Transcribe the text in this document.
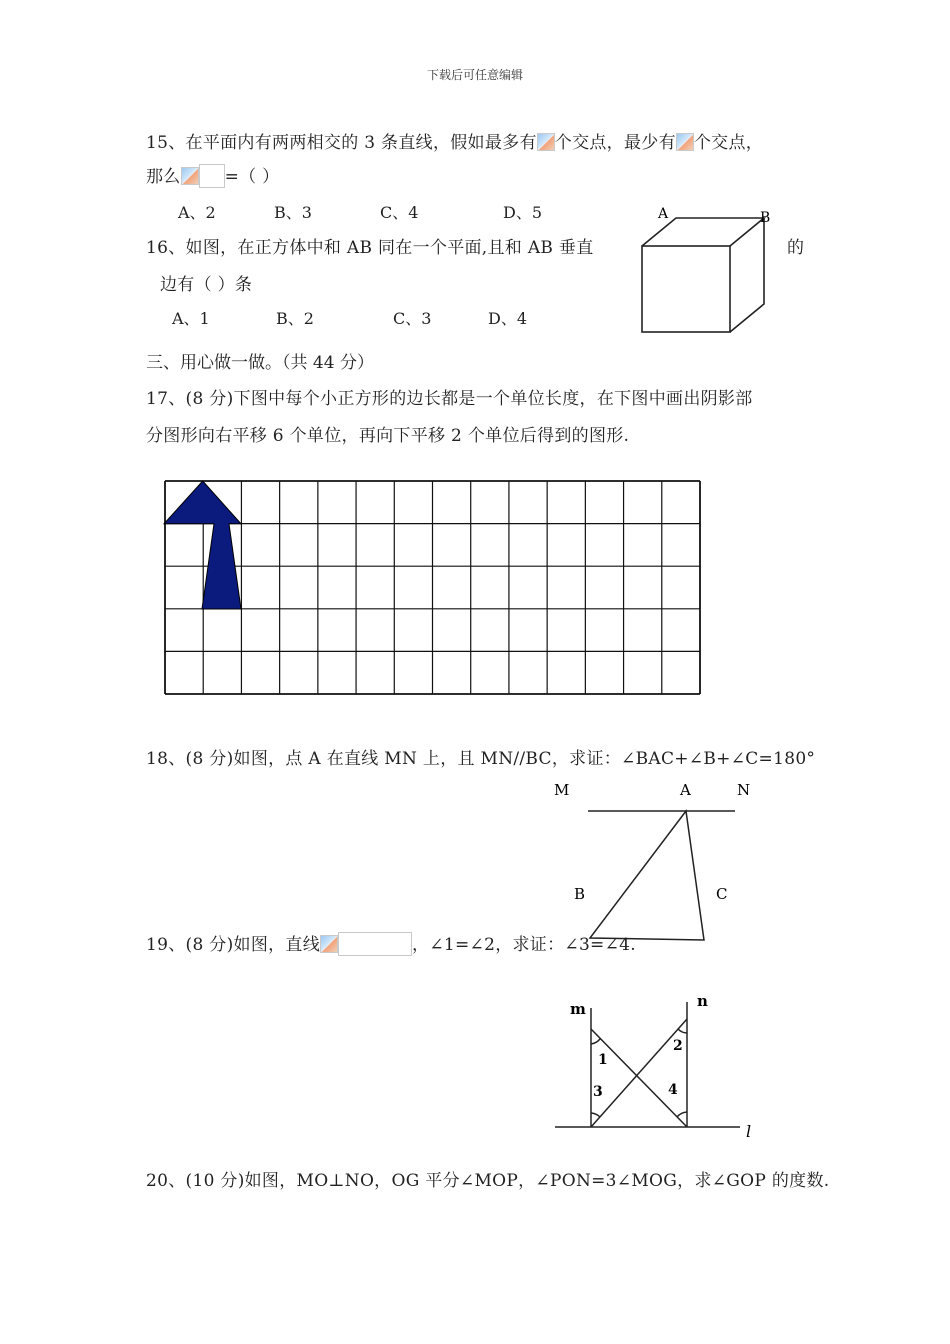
下载后可任意编辑
15、在平面内有两两相交的 3 条直线，假如最多有 个交点，最少有 个交点，
那么	=（ ）
A、2	B、3	C、4	D、5
16、如图，在正方体中和 AB 同在一个平面,且和 AB 垂直	的
边有（ ）条
A、1	B、2	C、3	D、4
A	B
三、用心做一做。（共 44 分）
17、(8 分)下图中每个小正方形的边长都是一个单位长度，在下图中画出阴影部
分图形向右平移 6 个单位，再向下平移 2 个单位后得到的图形.
18、(8 分)如图，点 A 在直线 MN 上，且 MN//BC，求证：∠BAC+∠B+∠C=180°
M	A	N
B	C
19、(8 分)如图，直线	，∠1=∠2，求证：∠3=∠4.
m	n
1
2
3	4
l
20、(10 分)如图，MO⊥NO，OG 平分∠MOP，∠PON=3∠MOG，求∠GOP 的度数.
